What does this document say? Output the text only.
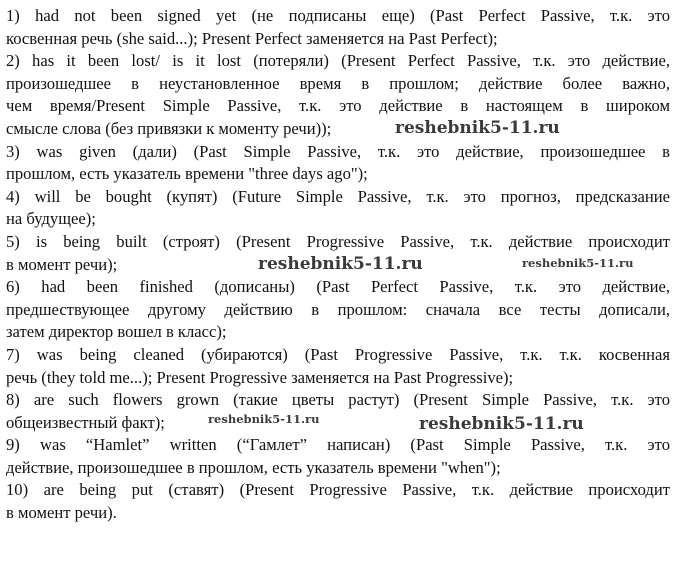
1) had not been signed yet (не подписаны еще) (Past Perfect Passive, т.к. это
косвенная речь (she said...); Present Perfect заменяется на Past Perfect);
2) has it been lost/ is it lost (потеряли) (Present Perfect Passive, т.к. это действие,
произошедшее в неустановленное время в прошлом; действие более важно,
чем время/Present Simple Passive, т.к. это действие в настоящем в широком
смысле слова (без привязки к моменту речи));
3) was given (дали) (Past Simple Passive, т.к. это действие, произошедшее в
прошлом, есть указатель времени "three days ago");
4) will be bought (купят) (Future Simple Passive, т.к. это прогноз, предсказание
на будущее);
5) is being built (строят) (Present Progressive Passive, т.к. действие происходит
в момент речи);
6) had been finished (дописаны) (Past Perfect Passive, т.к. это действие,
предшествующее другому действию в прошлом: сначала все тесты дописали,
затем директор вошел в класс);
7) was being cleaned (убираются) (Past Progressive Passive, т.к. т.к. косвенная
речь (they told me...); Present Progressive заменяется на Past Progressive);
8) are such flowers grown (такие цветы растут) (Present Simple Passive, т.к. это
общеизвестный факт);
9) was “Hamlet” written (“Гамлет” написан) (Past Simple Passive, т.к. это
действие, произошедшее в прошлом, есть указатель времени "when");
10) are being put (ставят) (Present Progressive Passive, т.к. действие происходит
в момент речи).
reshebnik5-11.ru
reshebnik5-11.ru	reshebnik5-11.ru
reshebnik5-11.ru	reshebnik5-11.ru
